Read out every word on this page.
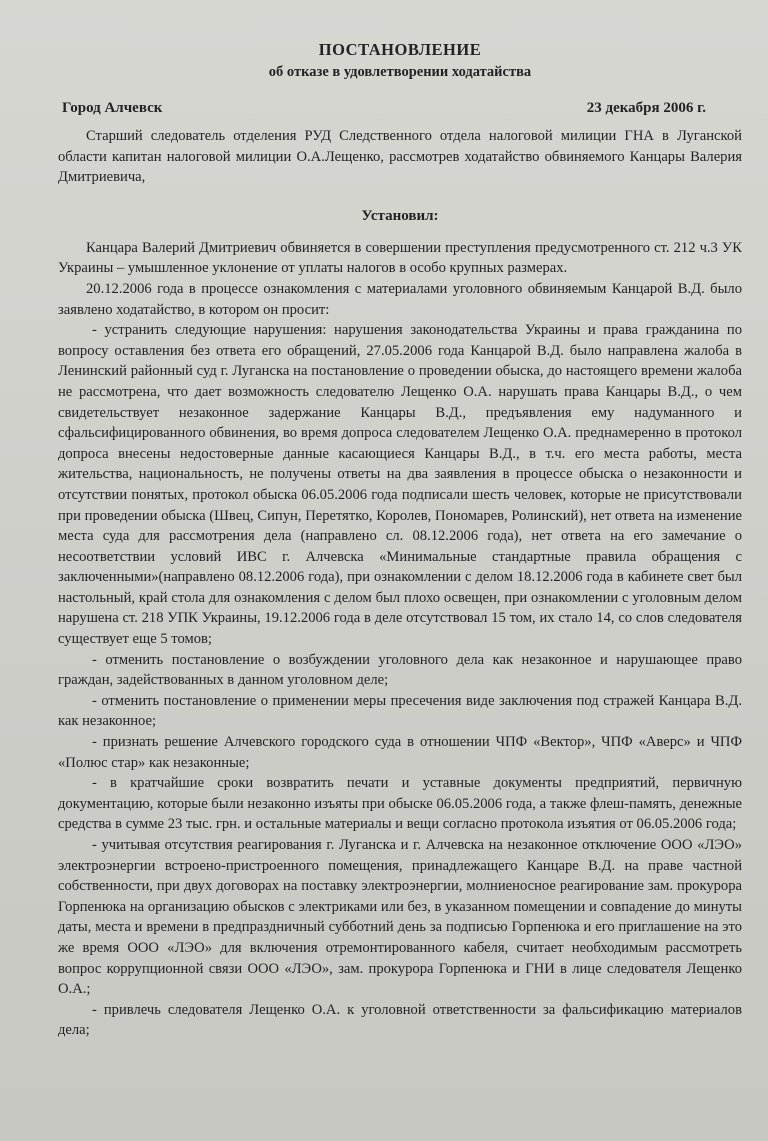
ПОСТАНОВЛЕНИЕ
об отказе в удовлетворении ходатайства
Город Алчевск	23 декабря 2006 г.

Старший следователь отделения РУД Следственного отдела налоговой милиции ГНА в Луганской области капитан налоговой милиции О.А.Лещенко, рассмотрев ходатайство обвиняемого Канцары Валерия Дмитриевича,

Установил:

Канцара Валерий Дмитриевич обвиняется в совершении преступления предусмотренного ст. 212 ч.3 УК Украины – умышленное уклонение от уплаты налогов в особо крупных размерах.

20.12.2006 года в процессе ознакомления с материалами уголовного обвиняемым Канцарой В.Д. было заявлено ходатайство, в котором он просит:

- устранить следующие нарушения: нарушения законодательства Украины и права гражданина по вопросу оставления без ответа его обращений, 27.05.2006 года Канцарой В.Д. было направлена жалоба в Ленинский районный суд г. Луганска на постановление о проведении обыска, до настоящего времени жалоба не рассмотрена, что дает возможность следователю Лещенко О.А. нарушать права Канцары В.Д., о чем свидетельствует незаконное задержание Канцары В.Д., предъявления ему надуманного и сфальсифицированного обвинения, во время допроса следователем Лещенко О.А. преднамеренно в протокол допроса внесены недостоверные данные касающиеся Канцары В.Д., в т.ч. его места работы, места жительства, национальность, не получены ответы на два заявления в процессе обыска о незаконности и отсутствии понятых, протокол обыска 06.05.2006 года подписали шесть человек, которые не присутствовали при проведении обыска (Швец, Сипун, Перетятко, Королев, Пономарев, Ролинский), нет ответа на изменение места суда для рассмотрения дела (направлено сл. 08.12.2006 года), нет ответа на его замечание о несоответствии условий ИВС г. Алчевска «Минимальные стандартные правила обращения с заключенными»(направлено 08.12.2006 года), при ознакомлении с делом 18.12.2006 года в кабинете свет был настольный, край стола для ознакомления с делом был плохо освещен, при ознакомлении с уголовным делом нарушена ст. 218 УПК Украины, 19.12.2006 года в деле отсутствовал 15 том, их стало 14, со слов следователя существует еще 5 томов;

- отменить постановление о возбуждении уголовного дела как незаконное и нарушающее право граждан, задействованных в данном уголовном деле;

- отменить постановление о применении меры пресечения виде заключения под стражей Канцара В.Д. как незаконное;

- признать решение Алчевского городского суда в отношении ЧПФ «Вектор», ЧПФ «Аверс» и ЧПФ «Полюс стар» как незаконные;

- в кратчайшие сроки возвратить печати и уставные документы предприятий, первичную документацию, которые были незаконно изъяты при обыске 06.05.2006 года, а также флеш-память, денежные средства в сумме 23 тыс. грн. и остальные материалы и вещи согласно протокола изъятия от 06.05.2006 года;

- учитывая отсутствия реагирования г. Луганска и г. Алчевска на незаконное отключение ООО «ЛЭО» электроэнергии встроено-пристроенного помещения, принадлежащего Канцаре В.Д. на праве частной собственности, при двух договорах на поставку электроэнергии, молниеносное реагирование зам. прокурора Горпенюка на организацию обысков с электриками или без, в указанном помещении и совпадение до минуты даты, места и времени в предпраздничный субботний день за подписью Горпенюка и его приглашение на это же время ООО «ЛЭО» для включения отремонтированного кабеля, считает необходимым рассмотреть вопрос коррупционной связи ООО «ЛЭО», зам. прокурора Горпенюка и ГНИ в лице следователя Лещенко О.А.;

- привлечь следователя Лещенко О.А. к уголовной ответственности за фальсификацию материалов дела;
